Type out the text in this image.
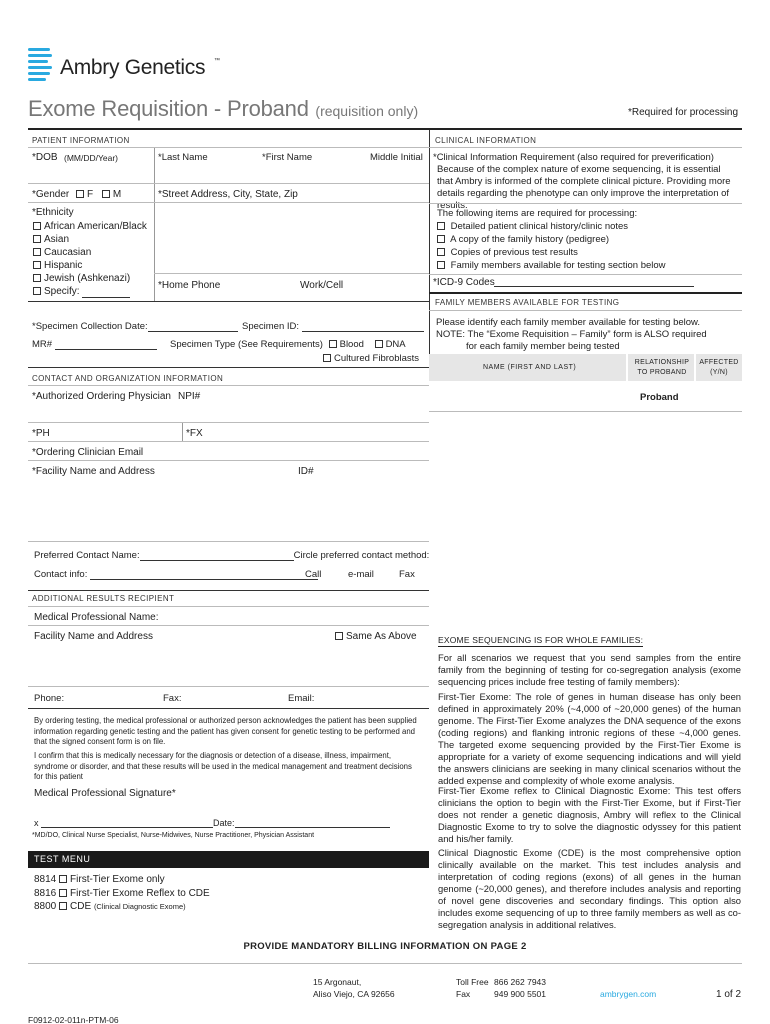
Ambry Genetics ™
Exome Requisition - Proband (requisition only)	*Required for processing
PATIENT INFORMATION
*DOB (MM/DD/Year)	*Last Name	*First Name	Middle Initial
*Gender F M	*Street Address, City, State, Zip
*Ethnicity
African American/Black
Asian
Caucasian
Hispanic
Jewish (Ashkenazi)
Specify:
*Home Phone	Work/Cell
CLINICAL INFORMATION
*Clinical Information Requirement (also required for preverification)
Because of the complex nature of exome sequencing, it is essential that Ambry is informed of the complete clinical picture. Providing more details regarding the phenotype can only improve the interpretation of results.
The following items are required for processing:
Detailed patient clinical history/clinic notes
A copy of the family history (pedigree)
Copies of previous test results
Family members available for testing section below
*ICD-9 Codes
FAMILY MEMBERS AVAILABLE FOR TESTING
Please identify each family member available for testing below.
NOTE: The “Exome Requisition – Family” form is ALSO required
for each family member being tested
NAME (FIRST AND LAST)
RELATIONSHIP TO PROBAND
AFFECTED (Y/N)
Proband
*Specimen Collection Date:	Specimen ID:
MR#	Specimen Type (See Requirements) Blood DNA
Cultured Fibroblasts
CONTACT AND ORGANIZATION INFORMATION
*Authorized Ordering Physician NPI#
*PH	*FX
*Ordering Clinician Email
*Facility Name and Address	ID#
Preferred Contact Name:	Circle preferred contact method:
Contact info:	Call	e-mail	Fax
ADDITIONAL RESULTS RECIPIENT
Medical Professional Name:
Facility Name and Address	Same As Above
Phone:	Fax:	Email:
By ordering testing, the medical professional or authorized person acknowledges the patient has been supplied information regarding genetic testing and the patient has given consent for genetic testing to be performed and that the signed consent form is on file.
I confirm that this is medically necessary for the diagnosis or detection of a disease, illness, impairment, syndrome or disorder, and that these results will be used in the medical management and treatment decisions for this patient
Medical Professional Signature*
x	Date:
*MD/DO, Clinical Nurse Specialist, Nurse-Midwives, Nurse Practitioner, Physician Assistant
TEST MENU
8814 First-Tier Exome only
8816 First-Tier Exome Reflex to CDE
8800 CDE (Clinical Diagnostic Exome)
EXOME SEQUENCING IS FOR WHOLE FAMILIES:
For all scenarios we request that you send samples from the entire family from the beginning of testing for co-segregation analysis (exome sequencing prices include free testing of family members):
First-Tier Exome: The role of genes in human disease has only been defined in approximately 20% (~4,000 of ~20,000 genes) of the human genome. The First-Tier Exome analyzes the DNA sequence of the exons (coding regions) and flanking intronic regions of these ~4,000 genes. The targeted exome sequencing provided by the First-Tier Exome is appropriate for a variety of exome sequencing indications and will yield the answers clinicians are seeking in many clinical scenarios without the added expense and complexity of whole exome analysis.
First-Tier Exome reflex to Clinical Diagnostic Exome: This test offers clinicians the option to begin with the First-Tier Exome, but if First-Tier does not render a genetic diagnosis, Ambry will reflex to the Clinical Diagnostic Exome to try to solve the diagnostic odyssey for this patient and his/her family.
Clinical Diagnostic Exome (CDE) is the most comprehensive option clinically available on the market. This test includes analysis and interpretation of coding regions (exons) of all genes in the human genome (~20,000 genes), and therefore includes analysis and reporting of novel gene discoveries and secondary findings. This option also includes exome sequencing of up to three family members as well as co-segregation analysis in additional relatives.
PROVIDE MANDATORY BILLING INFORMATION ON PAGE 2
F0912-02-011n-PTM-06
15 Argonaut,
Aliso Viejo, CA 92656
Toll Free 866 262 7943
Fax	949 900 5501	ambrygen.com	1 of 2
